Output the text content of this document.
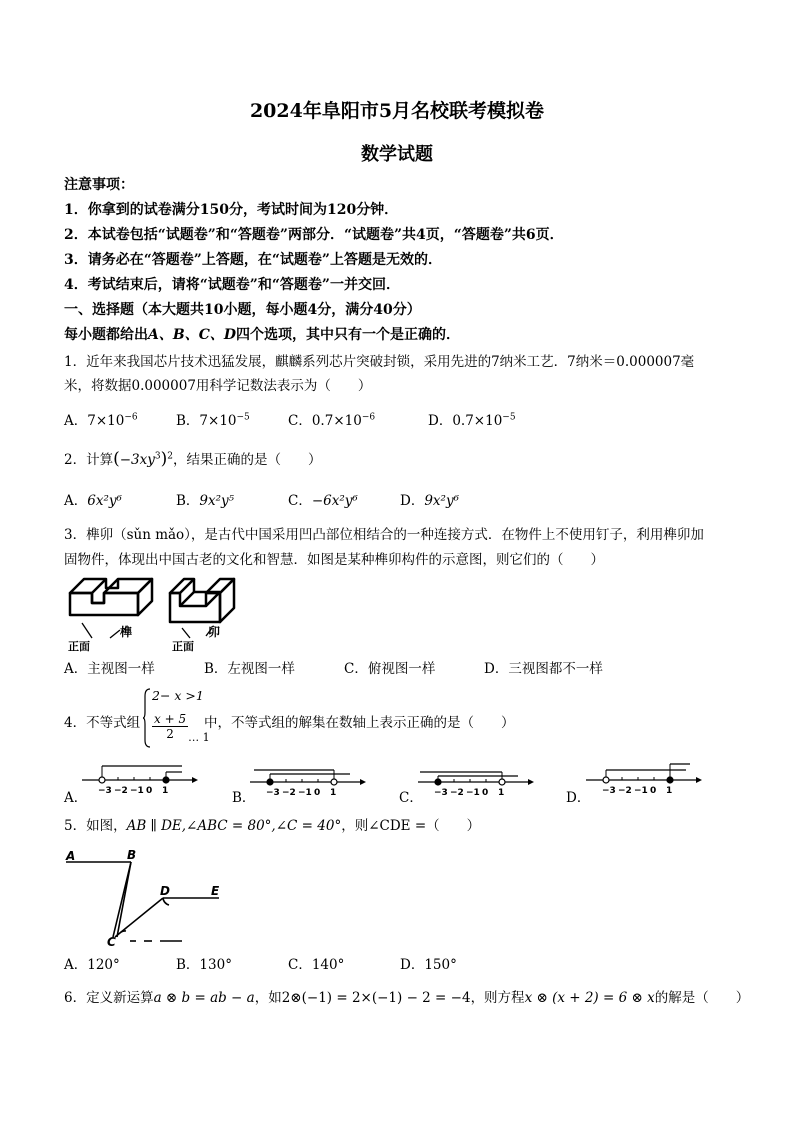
2024年阜阳市5月名校联考模拟卷
数学试题
注意事项：
1．你拿到的试卷满分150分，考试时间为120分钟．
2．本试卷包括“试题卷”和“答题卷”两部分．“试题卷”共4页，“答题卷”共6页．
3．请务必在“答题卷”上答题，在“试题卷”上答题是无效的．
4．考试结束后，请将“试题卷”和“答题卷”一并交回．
一、选择题（本大题共10小题，每小题4分，满分40分）
每小题都给出A、B、C、D四个选项，其中只有一个是正确的．
1．近年来我国芯片技术迅猛发展，麒麟系列芯片突破封锁，采用先进的7纳米工艺．7纳米＝0.000007毫
米，将数据0.000007用科学记数法表示为（　　）
A．$7\times 10^{-6}$	B．$7\times 10^{-5}$	C．$0.7\times 10^{-6}$	D．$0.7\times 10^{-5}$
2．计算$(-3xy^3)^2$，结果正确的是（　　）
A．6x²y⁶	B．9x²y⁵	C．−6x²y⁶	D．9x²y⁶
3．榫卯（sǔn mǎo），是古代中国采用凹凸部位相结合的一种连接方式．在物件上不使用钉子，利用榫卯加
固物件，体现出中国古老的文化和智慧．如图是某种榫卯构件的示意图，则它们的（　　）
正面
榫
正面
卯
A．主视图一样	B．左视图一样	C．俯视图一样	D．三视图都不一样
4．不等式组
2− x >1
$\frac{x + 5}{2} _{\dots 1}$
中，不等式组的解集在数轴上表示正确的是（　　）
A．	B．	C．	D．
−3 −2 −1 0 1	−3 −2 −1 0 1	−3 −2 −1 0 1	−3 −2 −1 0 1
5．如图，AB ∥ DE,∠ABC = 80°,∠C = 40°，则∠CDE =（　　）
A	B
C
D	E
A．120°	B．130°	C．140°	D．150°
6．定义新运算a ⊗ b = ab − a，如2⊗(−1) = 2×(−1) − 2 = −4，则方程x ⊗ (x + 2) = 6 ⊗ x的解是（　　）
